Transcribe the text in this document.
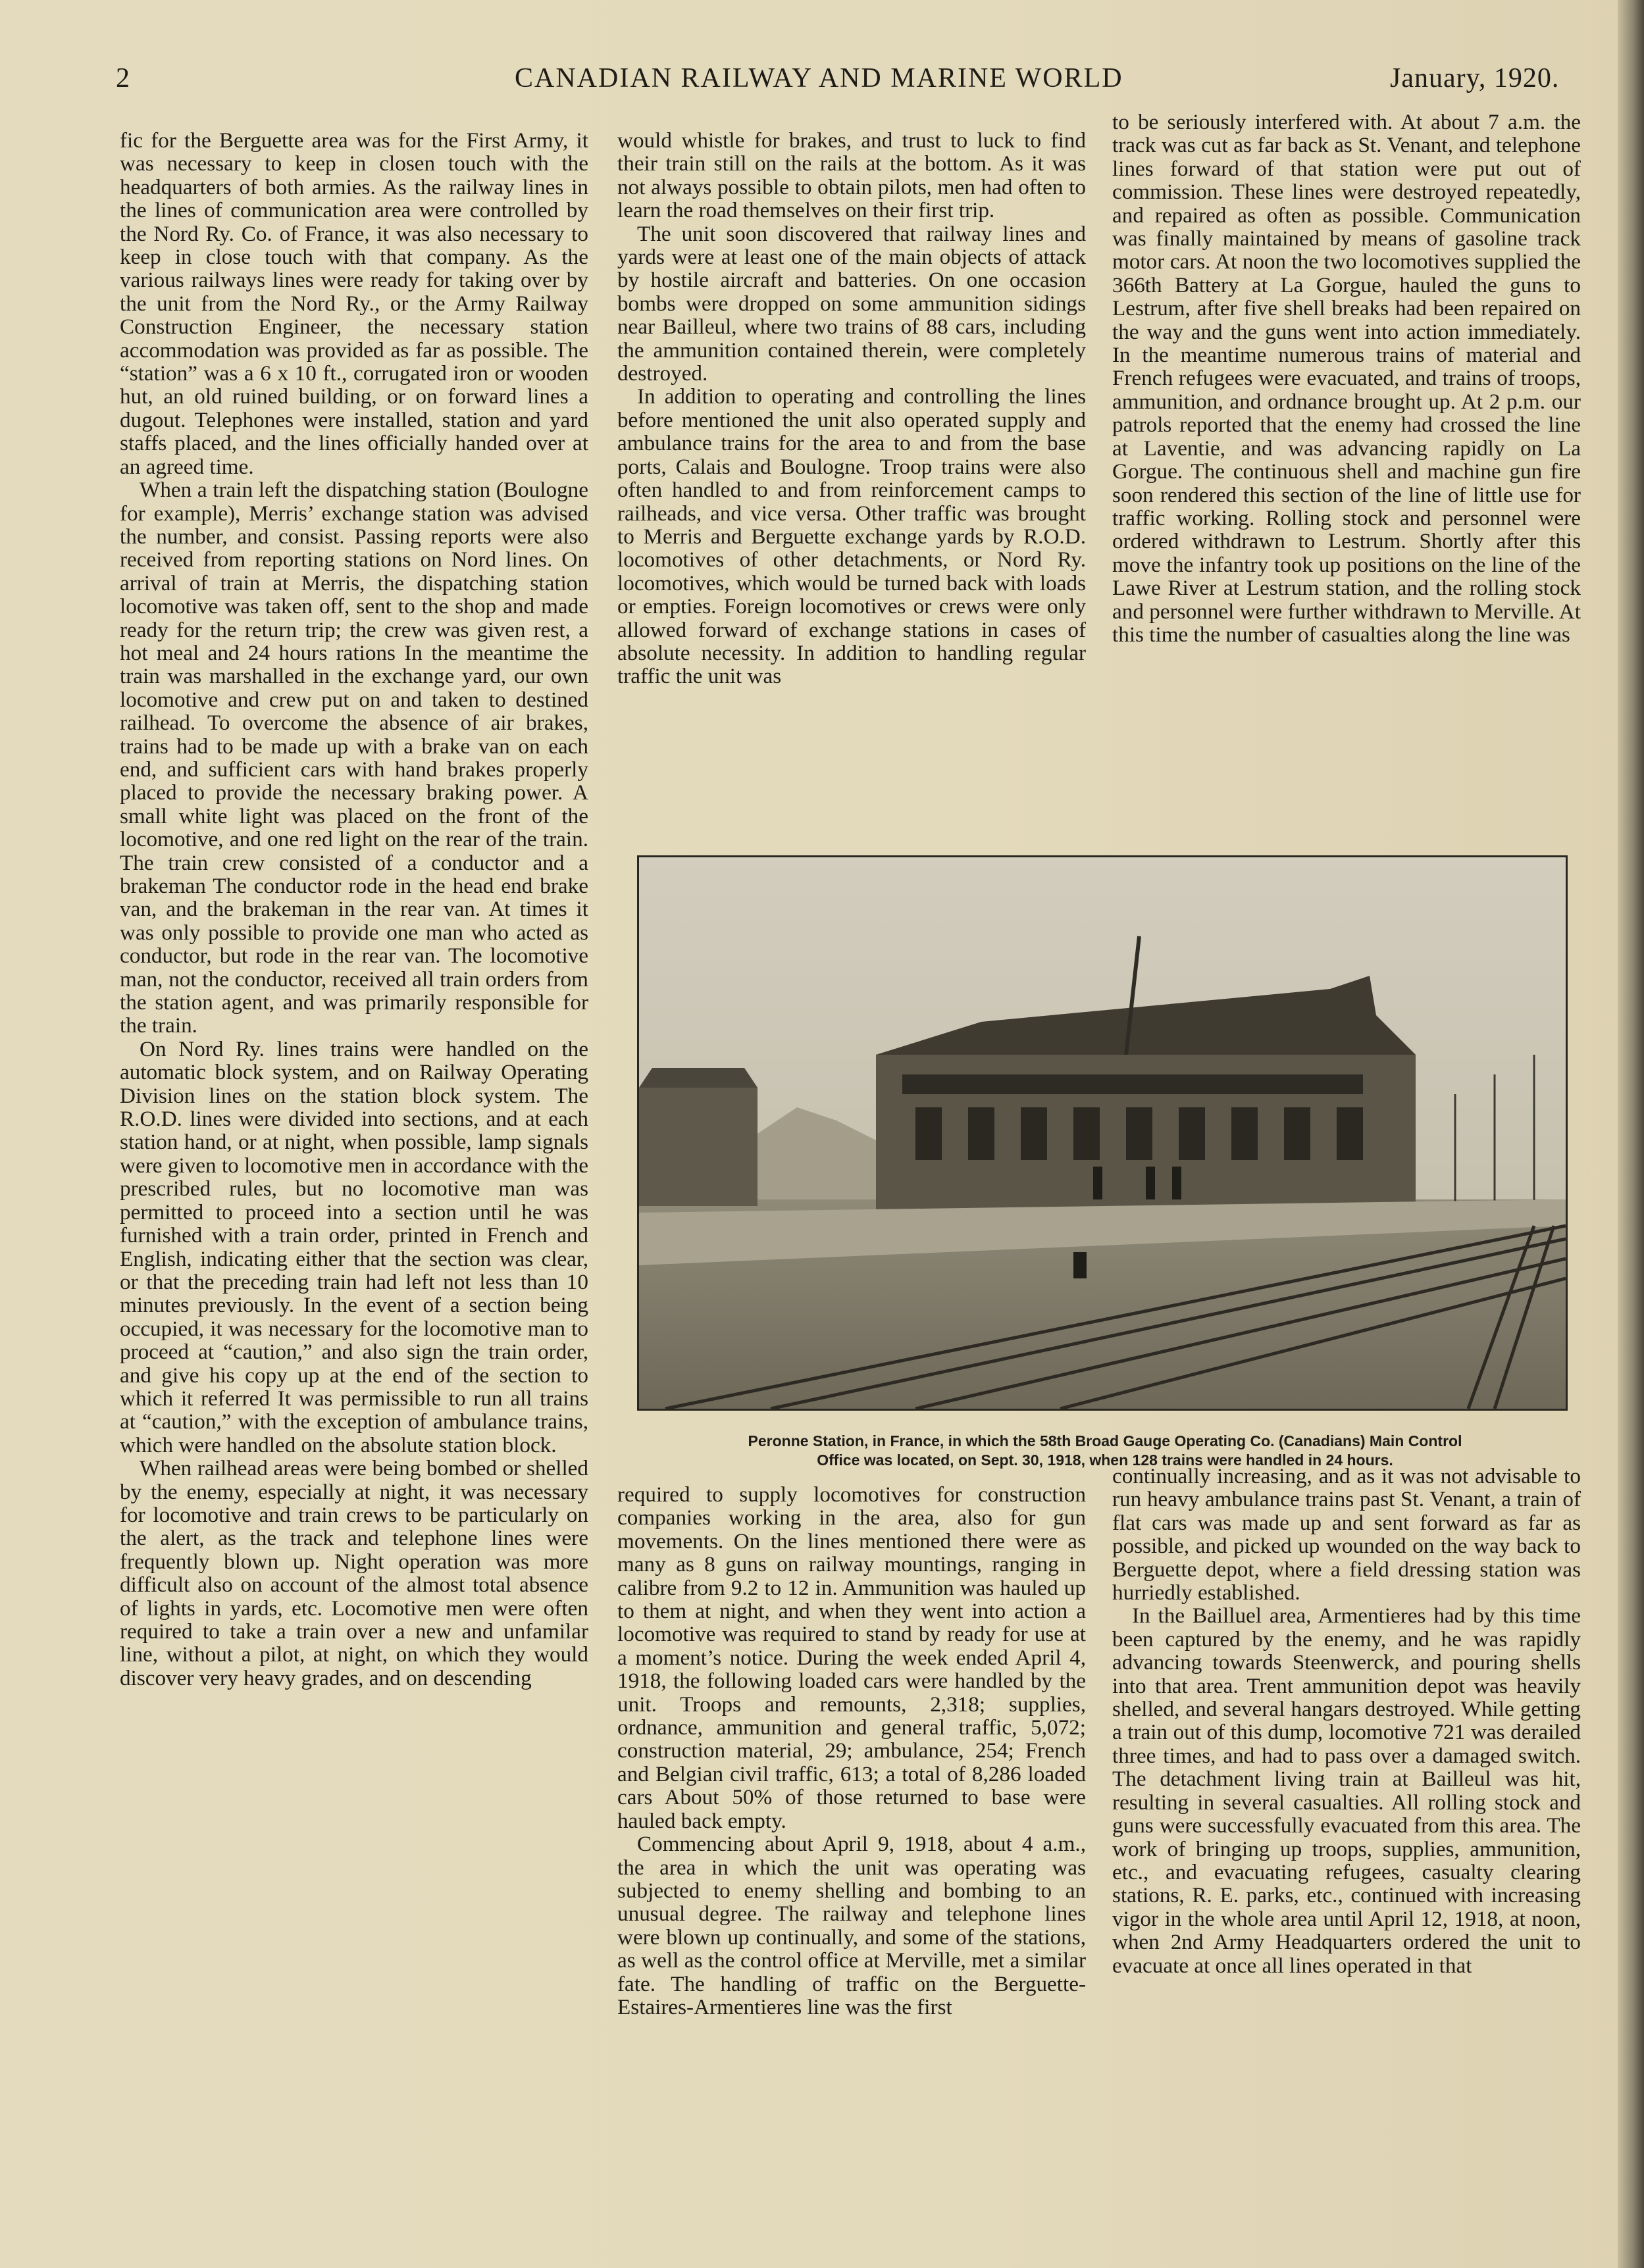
2	CANADIAN RAILWAY AND MARINE WORLD	January, 1920.

fic for the Berguette area was for the First Army, it was necessary to keep in closen touch with the headquarters of both armies. As the railway lines in the lines of communication area were controlled by the Nord Ry. Co. of France, it was also necessary to keep in close touch with that company. As the various railways lines were ready for taking over by the unit from the Nord Ry., or the Army Railway Construction Engineer, the necessary station accommodation was provided as far as possible. The “station” was a 6 x 10 ft., corrugated iron or wooden hut, an old ruined building, or on forward lines a dugout. Telephones were installed, station and yard staffs placed, and the lines officially handed over at an agreed time.

When a train left the dispatching station (Boulogne for example), Merris’ exchange station was advised the number, and consist. Passing reports were also received from reporting stations on Nord lines. On arrival of train at Merris, the dispatching station locomotive was taken off, sent to the shop and made ready for the return trip; the crew was given rest, a hot meal and 24 hours rations In the meantime the train was marshalled in the exchange yard, our own locomotive and crew put on and taken to destined railhead. To overcome the absence of air brakes, trains had to be made up with a brake van on each end, and sufficient cars with hand brakes properly placed to provide the necessary braking power. A small white light was placed on the front of the locomotive, and one red light on the rear of the train. The train crew consisted of a conductor and a brakeman The conductor rode in the head end brake van, and the brakeman in the rear van. At times it was only possible to provide one man who acted as conductor, but rode in the rear van. The locomotive man, not the conductor, received all train orders from the station agent, and was primarily responsible for the train.

On Nord Ry. lines trains were handled on the automatic block system, and on Railway Operating Division lines on the station block system. The R.O.D. lines were divided into sections, and at each station hand, or at night, when possible, lamp signals were given to locomotive men in accordance with the prescribed rules, but no locomotive man was permitted to proceed into a section until he was furnished with a train order, printed in French and English, indicating either that the section was clear, or that the preceding train had left not less than 10 minutes previously. In the event of a section being occupied, it was necessary for the locomotive man to proceed at “caution,” and also sign the train order, and give his copy up at the end of the section to which it referred It was permissible to run all trains at “caution,” with the exception of ambulance trains, which were handled on the absolute station block.

When railhead areas were being bombed or shelled by the enemy, especially at night, it was necessary for locomotive and train crews to be particularly on the alert, as the track and telephone lines were frequently blown up. Night operation was more difficult also on account of the almost total absence of lights in yards, etc. Locomotive men were often required to take a train over a new and unfamilar line, without a pilot, at night, on which they would discover very heavy grades, and on descending

would whistle for brakes, and trust to luck to find their train still on the rails at the bottom. As it was not always possible to obtain pilots, men had often to learn the road themselves on their first trip.

The unit soon discovered that railway lines and yards were at least one of the main objects of attack by hostile aircraft and batteries. On one occasion bombs were dropped on some ammunition sidings near Bailleul, where two trains of 88 cars, including the ammunition contained therein, were completely destroyed.

In addition to operating and controlling the lines before mentioned the unit also operated supply and ambulance trains for the area to and from the base ports, Calais and Boulogne. Troop trains were also often handled to and from reinforcement camps to railheads, and vice versa. Other traffic was brought to Merris and Berguette exchange yards by R.O.D. locomotives of other detachments, or Nord Ry. locomotives, which would be turned back with loads or empties. Foreign locomotives or crews were only allowed forward of exchange stations in cases of absolute necessity. In addition to handling regular traffic the unit was

to be seriously interfered with. At about 7 a.m. the track was cut as far back as St. Venant, and telephone lines forward of that station were put out of commission. These lines were destroyed repeatedly, and repaired as often as possible. Communication was finally maintained by means of gasoline track motor cars. At noon the two locomotives supplied the 366th Battery at La Gorgue, hauled the guns to Lestrum, after five shell breaks had been repaired on the way and the guns went into action immediately. In the meantime numerous trains of material and French refugees were evacuated, and trains of troops, ammunition, and ordnance brought up. At 2 p.m. our patrols reported that the enemy had crossed the line at Laventie, and was advancing rapidly on La Gorgue. The continuous shell and machine gun fire soon rendered this section of the line of little use for traffic working. Rolling stock and personnel were ordered withdrawn to Lestrum. Shortly after this move the infantry took up positions on the line of the Lawe River at Lestrum station, and the rolling stock and personnel were further withdrawn to Merville. At this time the number of casualties along the line was

Peronne Station, in France, in which the 58th Broad Gauge Operating Co. (Canadians) Main Control
Office was located, on Sept. 30, 1918, when 128 trains were handled in 24 hours.

required to supply locomotives for construction companies working in the area, also for gun movements. On the lines mentioned there were as many as 8 guns on railway mountings, ranging in calibre from 9.2 to 12 in. Ammunition was hauled up to them at night, and when they went into action a locomotive was required to stand by ready for use at a moment’s notice. During the week ended April 4, 1918, the following loaded cars were handled by the unit. Troops and remounts, 2,318; supplies, ordnance, ammunition and general traffic, 5,072; construction material, 29; ambulance, 254; French and Belgian civil traffic, 613; a total of 8,286 loaded cars About 50% of those returned to base were hauled back empty.

Commencing about April 9, 1918, about 4 a.m., the area in which the unit was operating was subjected to enemy shelling and bombing to an unusual degree. The railway and telephone lines were blown up continually, and some of the stations, as well as the control office at Merville, met a similar fate. The handling of traffic on the Berguette-Estaires-Armentieres line was the first

continually increasing, and as it was not advisable to run heavy ambulance trains past St. Venant, a train of flat cars was made up and sent forward as far as possible, and picked up wounded on the way back to Berguette depot, where a field dressing station was hurriedly established.

In the Bailluel area, Armentieres had by this time been captured by the enemy, and he was rapidly advancing towards Steenwerck, and pouring shells into that area. Trent ammunition depot was heavily shelled, and several hangars destroyed. While getting a train out of this dump, locomotive 721 was derailed three times, and had to pass over a damaged switch. The detachment living train at Bailleul was hit, resulting in several casualties. All rolling stock and guns were successfully evacuated from this area. The work of bringing up troops, supplies, ammunition, etc., and evacuating refugees, casualty clearing stations, R. E. parks, etc., continued with increasing vigor in the whole area until April 12, 1918, at noon, when 2nd Army Headquarters ordered the unit to evacuate at once all lines operated in that
